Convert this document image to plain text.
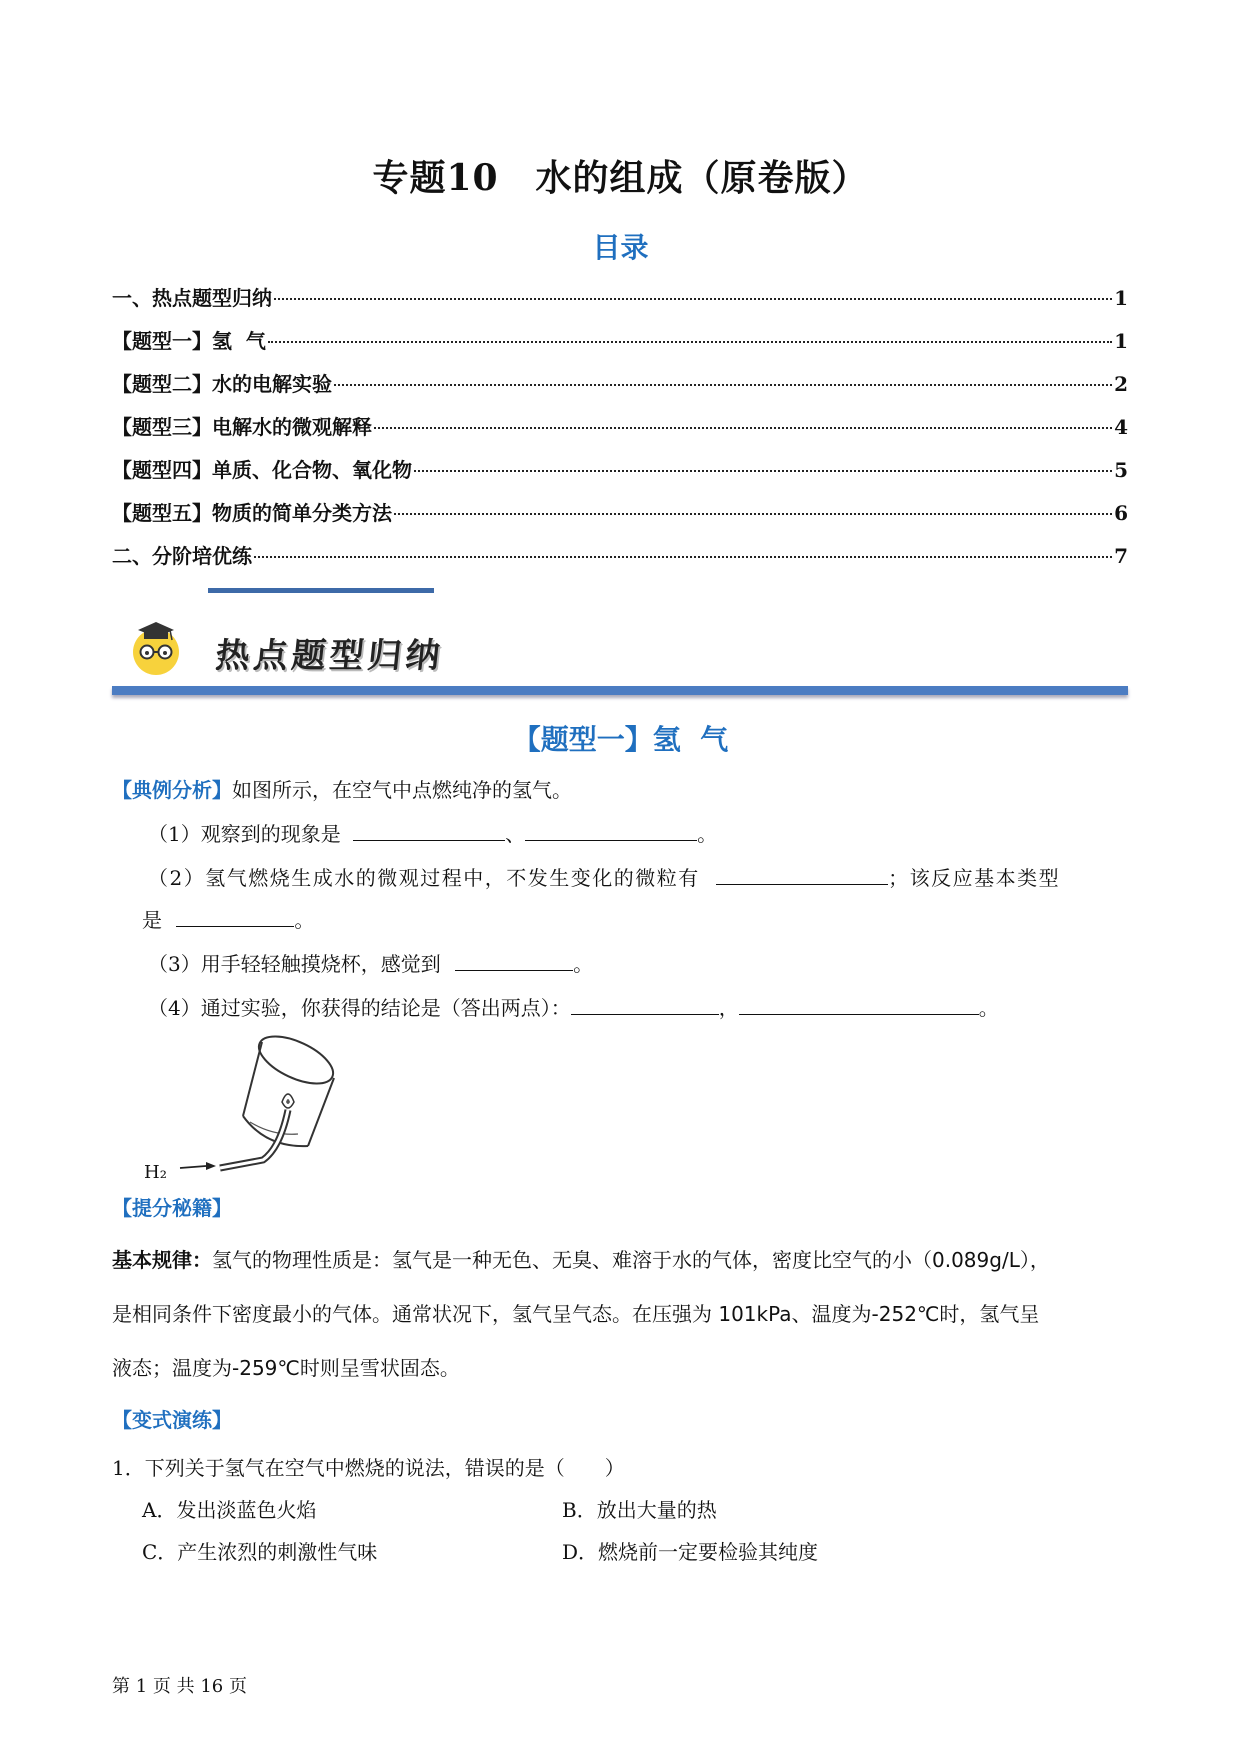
专题10　水的组成（原卷版）
目录
一、热点题型归纳	1
【题型一】氢  气	1
【题型二】水的电解实验	2
【题型三】电解水的微观解释	4
【题型四】单质、化合物、氧化物	5
【题型五】物质的简单分类方法	6
二、分阶培优练	7
热点题型归纳
【题型一】氢  气
【典例分析】如图所示，在空气中点燃纯净的氢气。
（1）观察到的现象是	、	。
（2）氢气燃烧生成水的微观过程中，不发生变化的微粒有	；该反应基本类型
是	。
（3）用手轻轻触摸烧杯，感觉到	。
（4）通过实验，你获得的结论是（答出两点）：	，	。
H₂
【提分秘籍】
基本规律：氢气的物理性质是：氢气是一种无色、无臭、难溶于水的气体，密度比空气的小（0.089g/L），
是相同条件下密度最小的气体。通常状况下，氢气呈气态。在压强为 101kPa、温度为-252℃时，氢气呈
液态；温度为-259℃时则呈雪状固态。
【变式演练】
1．下列关于氢气在空气中燃烧的说法，错误的是（　　）
A．发出淡蓝色火焰	B．放出大量的热
C．产生浓烈的刺激性气味	D．燃烧前一定要检验其纯度
第 1 页 共 16 页
